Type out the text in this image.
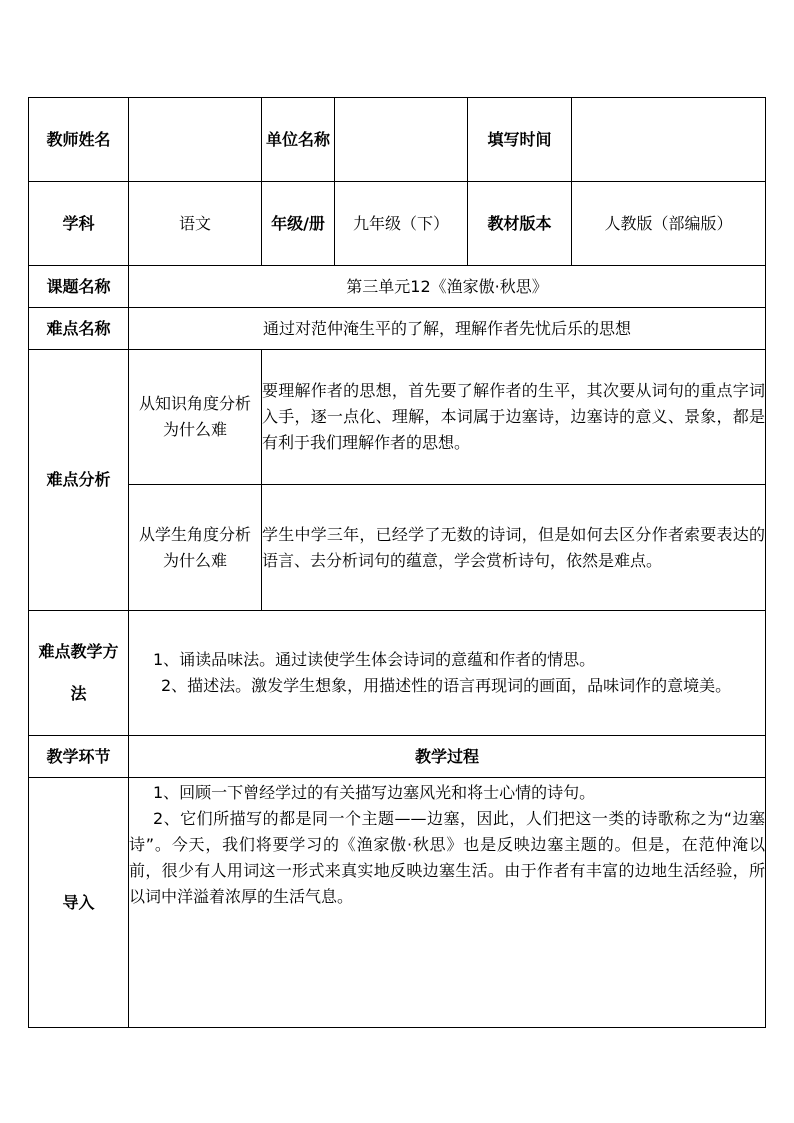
教师姓名		单位名称		填写时间	
学科	语文	年级/册	九年级（下）	教材版本	人教版（部编版）
课题名称	第三单元12《渔家傲·秋思》				
难点名称	通过对范仲淹生平的了解，理解作者先忧后乐的思想				
难点分析	从知识角度分析为什么难	要理解作者的思想，首先要了解作者的生平，其次要从词句的重点字词入手，逐一点化、理解，本词属于边塞诗，边塞诗的意义、景象，都是有利于我们理解作者的思想。			
	从学生角度分析为什么难	学生中学三年，已经学了无数的诗词，但是如何去区分作者索要表达的语言、去分析词句的蕴意，学会赏析诗句，依然是难点。			
难点教学方法	1、诵读品味法。通过读使学生体会诗词的意蕴和作者的情思。
2、描述法。激发学生想象，用描述性的语言再现词的画面，品味词作的意境美。				

教学环节	教学过程				
导入	1、回顾一下曾经学过的有关描写边塞风光和将士心情的诗句。
2、它们所描写的都是同一个主题——边塞，因此，人们把这一类的诗歌称之为“边塞诗”。今天，我们将要学习的《渔家傲·秋思》也是反映边塞主题的。但是，在范仲淹以前，很少有人用词这一形式来真实地反映边塞生活。由于作者有丰富的边地生活经验，所以词中洋溢着浓厚的生活气息。				
